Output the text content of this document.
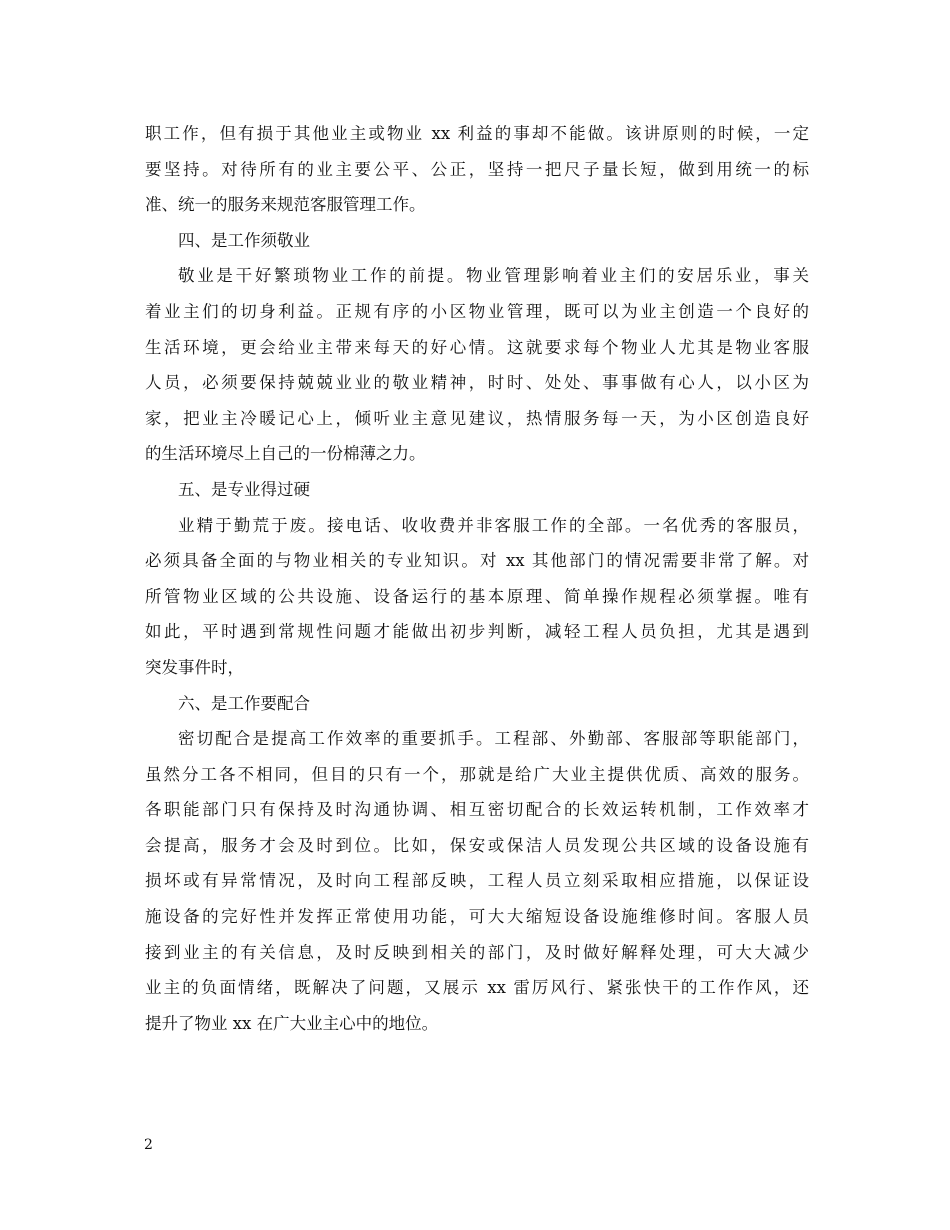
职工作，但有损于其他业主或物业 xx 利益的事却不能做。该讲原则的时候，一定
要坚持。对待所有的业主要公平、公正，坚持一把尺子量长短，做到用统一的标
准、统一的服务来规范客服管理工作。
四、是工作须敬业
敬业是干好繁琐物业工作的前提。物业管理影响着业主们的安居乐业，事关
着业主们的切身利益。正规有序的小区物业管理，既可以为业主创造一个良好的
生活环境，更会给业主带来每天的好心情。这就要求每个物业人尤其是物业客服
人员，必须要保持兢兢业业的敬业精神，时时、处处、事事做有心人，以小区为
家，把业主冷暖记心上，倾听业主意见建议，热情服务每一天，为小区创造良好
的生活环境尽上自己的一份棉薄之力。
五、是专业得过硬
业精于勤荒于废。接电话、收收费并非客服工作的全部。一名优秀的客服员，
必须具备全面的与物业相关的专业知识。对 xx 其他部门的情况需要非常了解。对
所管物业区域的公共设施、设备运行的基本原理、简单操作规程必须掌握。唯有
如此，平时遇到常规性问题才能做出初步判断，减轻工程人员负担，尤其是遇到
突发事件时，
六、是工作要配合
密切配合是提高工作效率的重要抓手。工程部、外勤部、客服部等职能部门，
虽然分工各不相同，但目的只有一个，那就是给广大业主提供优质、高效的服务。
各职能部门只有保持及时沟通协调、相互密切配合的长效运转机制，工作效率才
会提高，服务才会及时到位。比如，保安或保洁人员发现公共区域的设备设施有
损坏或有异常情况，及时向工程部反映，工程人员立刻采取相应措施，以保证设
施设备的完好性并发挥正常使用功能，可大大缩短设备设施维修时间。客服人员
接到业主的有关信息，及时反映到相关的部门，及时做好解释处理，可大大减少
业主的负面情绪，既解决了问题，又展示 xx 雷厉风行、紧张快干的工作作风，还
提升了物业 xx 在广大业主心中的地位。
2
